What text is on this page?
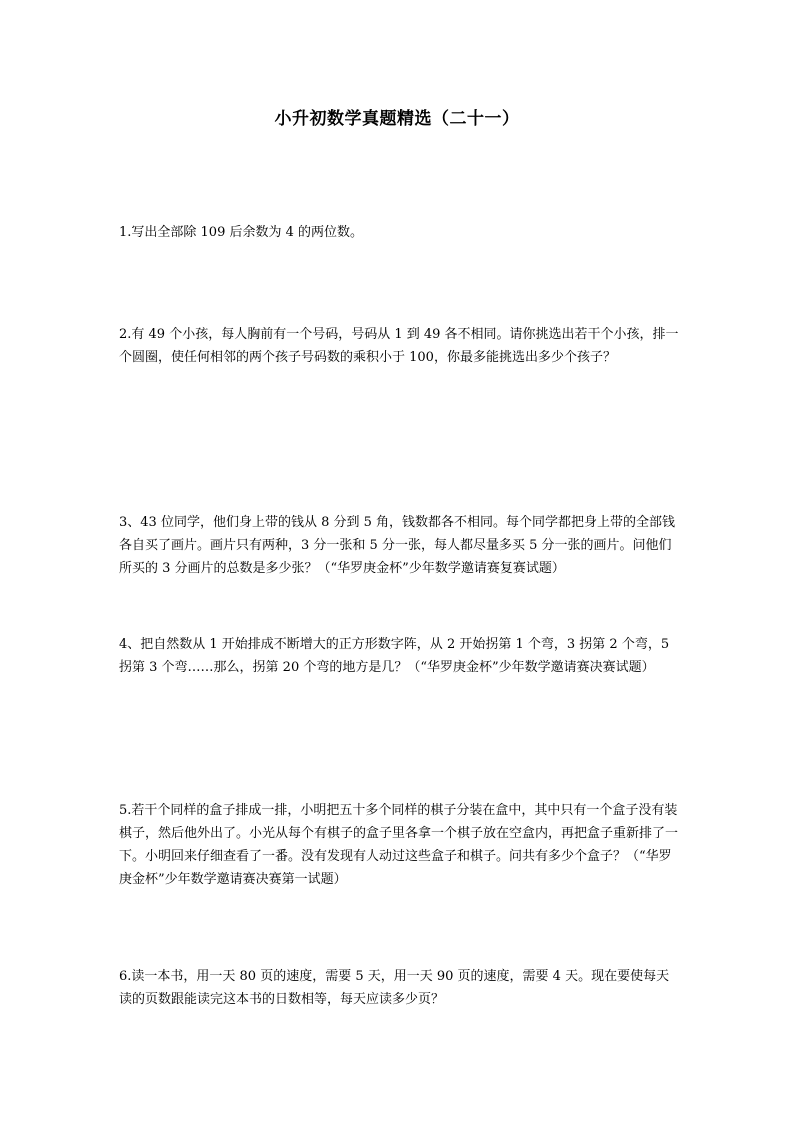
小升初数学真题精选（二十一）

1.写出全部除 109 后余数为 4 的两位数。

2.有 49 个小孩，每人胸前有一个号码，号码从 1 到 49 各不相同。请你挑选出若干个小孩，排一个圆圈，使任何相邻的两个孩子号码数的乘积小于 100，你最多能挑选出多少个孩子？

3、43 位同学，他们身上带的钱从 8 分到 5 角，钱数都各不相同。每个同学都把身上带的全部钱各自买了画片。画片只有两种，3 分一张和 5 分一张，每人都尽量多买 5 分一张的画片。问他们所买的 3 分画片的总数是多少张？（“华罗庚金杯”少年数学邀请赛复赛试题）

4、把自然数从 1 开始排成不断增大的正方形数字阵，从 2 开始拐第 1 个弯，3 拐第 2 个弯，5 拐第 3 个弯……那么，拐第 20 个弯的地方是几？（“华罗庚金杯”少年数学邀请赛决赛试题）

5.若干个同样的盒子排成一排，小明把五十多个同样的棋子分装在盒中，其中只有一个盒子没有装棋子，然后他外出了。小光从每个有棋子的盒子里各拿一个棋子放在空盒内，再把盒子重新排了一下。小明回来仔细查看了一番。没有发现有人动过这些盒子和棋子。问共有多少个盒子？（“华罗庚金杯”少年数学邀请赛决赛第一试题）

6.读一本书，用一天 80 页的速度，需要 5 天，用一天 90 页的速度，需要 4 天。现在要使每天读的页数跟能读完这本书的日数相等，每天应读多少页？
